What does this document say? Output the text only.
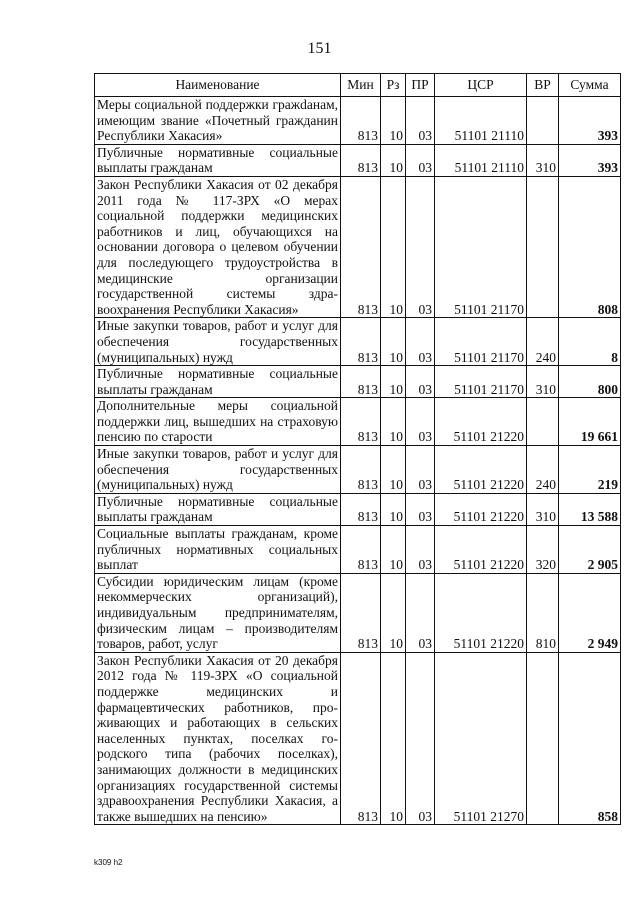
151
Наименование	Мин	Рз	ПР	ЦСР	ВР	Сумма
Меры социальной поддержки гражdанам, имеющим звание «Почетный гражданин Республики Хакасия»	813	10	03	51101 21110		393
Публичные нормативные социальные выплаты гражданам	813	10	03	51101 21110	310	393
Закон Республики Хакасия от 02 декабря 2011 года № 117-ЗРХ «О мерах социальной поддержки медицинских работников и лиц, обучающихся на основании договора о целевом обучении для последующего трудоустройства в медицинские организации государственной системы здравоохранения Республики Хакасия»	813	10	03	51101 21170		808
Иные закупки товаров, работ и услуг для обеспечения государственных (муниципальных) нужд	813	10	03	51101 21170	240	8
Публичные нормативные социальные выплаты гражданам	813	10	03	51101 21170	310	800
Дополнительные меры социальной поддержки лиц, вышедших на страховую пенсию по старости	813	10	03	51101 21220		19 661
Иные закупки товаров, работ и услуг для обеспечения государственных (муниципальных) нужд	813	10	03	51101 21220	240	219
Публичные нормативные социальные выплаты гражданам	813	10	03	51101 21220	310	13 588
Социальные выплаты гражданам, кроме публичных нормативных социальных выплат	813	10	03	51101 21220	320	2 905
Субсидии юридическим лицам (кроме некоммерческих организаций), индивидуальным предпринимателям, физическим лицам – производителям товаров, работ, услуг	813	10	03	51101 21220	810	2 949
Закон Республики Хакасия от 20 декабря 2012 года № 119-ЗРХ «О социальной поддержке медицинских и фармацевтических работников, проживающих и работающих в сельских населенных пунктах, поселках городского типа (рабочих поселках), занимающих должности в медицинских организациях государственной системы здравоохранения Республики Хакасия, а также вышедших на пенсию»	813	10	03	51101 21270		858
k309 h2
